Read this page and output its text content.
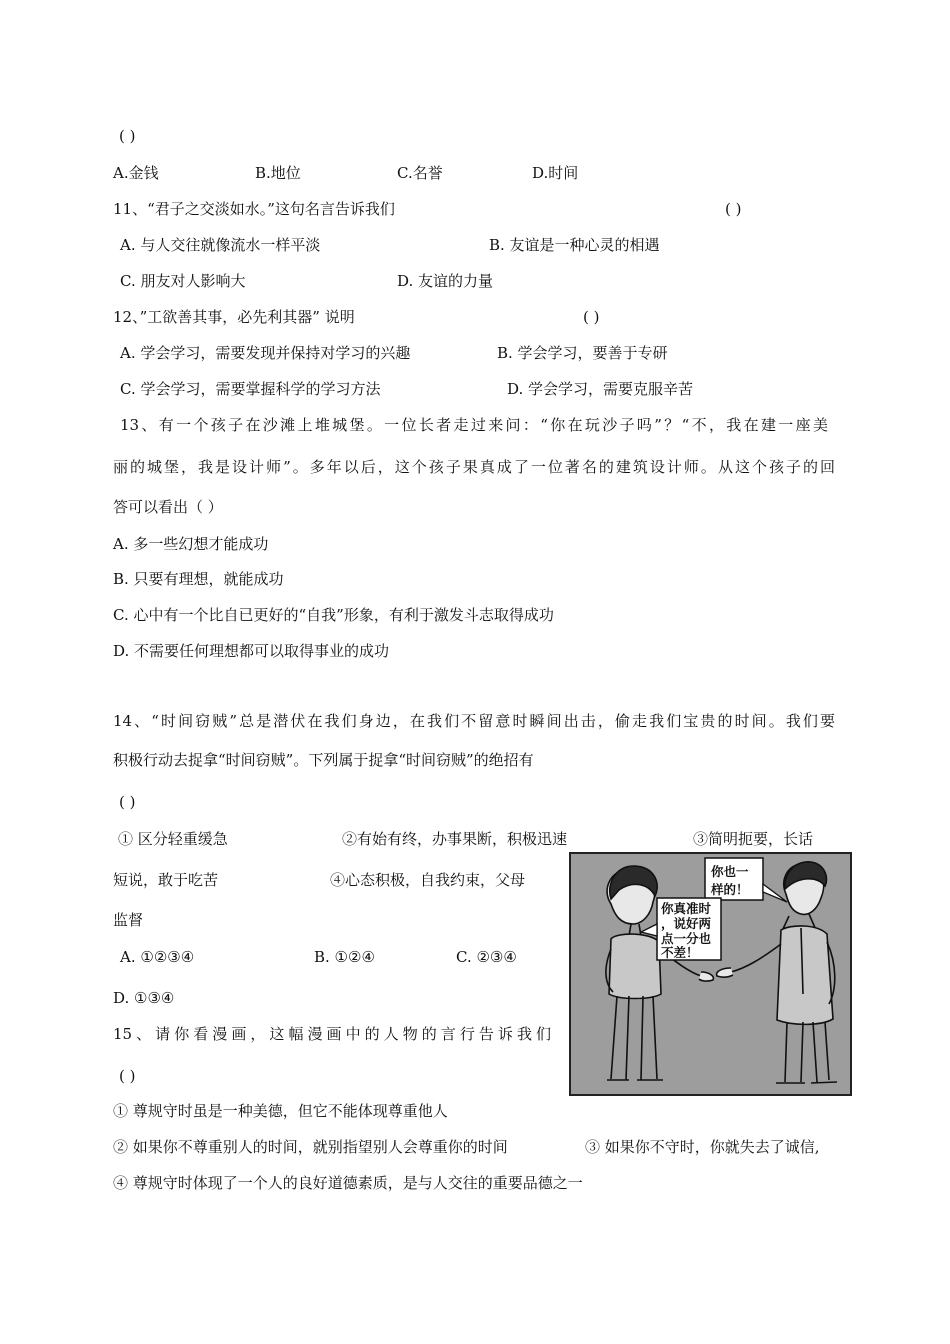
( )
A.金钱	B.地位	C.名誉	D.时间
11、“君子之交淡如水。”这句名言告诉我们	( )
A. 与人交往就像流水一样平淡	B. 友谊是一种心灵的相遇
C. 朋友对人影响大	D. 友谊的力量
12、”工欲善其事，必先利其器” 说明	( )
A. 学会学习，需要发现并保持对学习的兴趣	B. 学会学习，要善于专研
C. 学会学习，需要掌握科学的学习方法	D. 学会学习，需要克服辛苦
13、有一个孩子在沙滩上堆城堡。一位长者走过来问：“你在玩沙子吗”？“不，我在建一座美
丽的城堡，我是设计师”。多年以后，这个孩子果真成了一位著名的建筑设计师。从这个孩子的回
答可以看出（ ）
A. 多一些幻想才能成功
B. 只要有理想，就能成功
C. 心中有一个比自已更好的“自我”形象，有利于激发斗志取得成功
D. 不需要任何理想都可以取得事业的成功
14、“时间窃贼”总是潜伏在我们身边，在我们不留意时瞬间出击，偷走我们宝贵的时间。我们要
积极行动去捉拿“时间窃贼”。下列属于捉拿“时间窃贼”的绝招有
( )
① 区分轻重缓急	②有始有终，办事果断，积极迅速	③简明扼要，长话
短说，敢于吃苦	④心态积极，自我约束，父母
监督
A. ①②③④	B. ①②④	C. ②③④
D. ①③④
15、请你看漫画，这幅漫画中的人物的言行告诉我们
( )
① 尊规守时虽是一种美德，但它不能体现尊重他人
② 如果你不尊重别人的时间，就别指望别人会尊重你的时间	③ 如果你不守时，你就失去了诚信,
④ 尊规守时体现了一个人的良好道德素质，是与人交往的重要品德之一
你也一
样的！
你真准时
，说好两
点一分也
不差！
